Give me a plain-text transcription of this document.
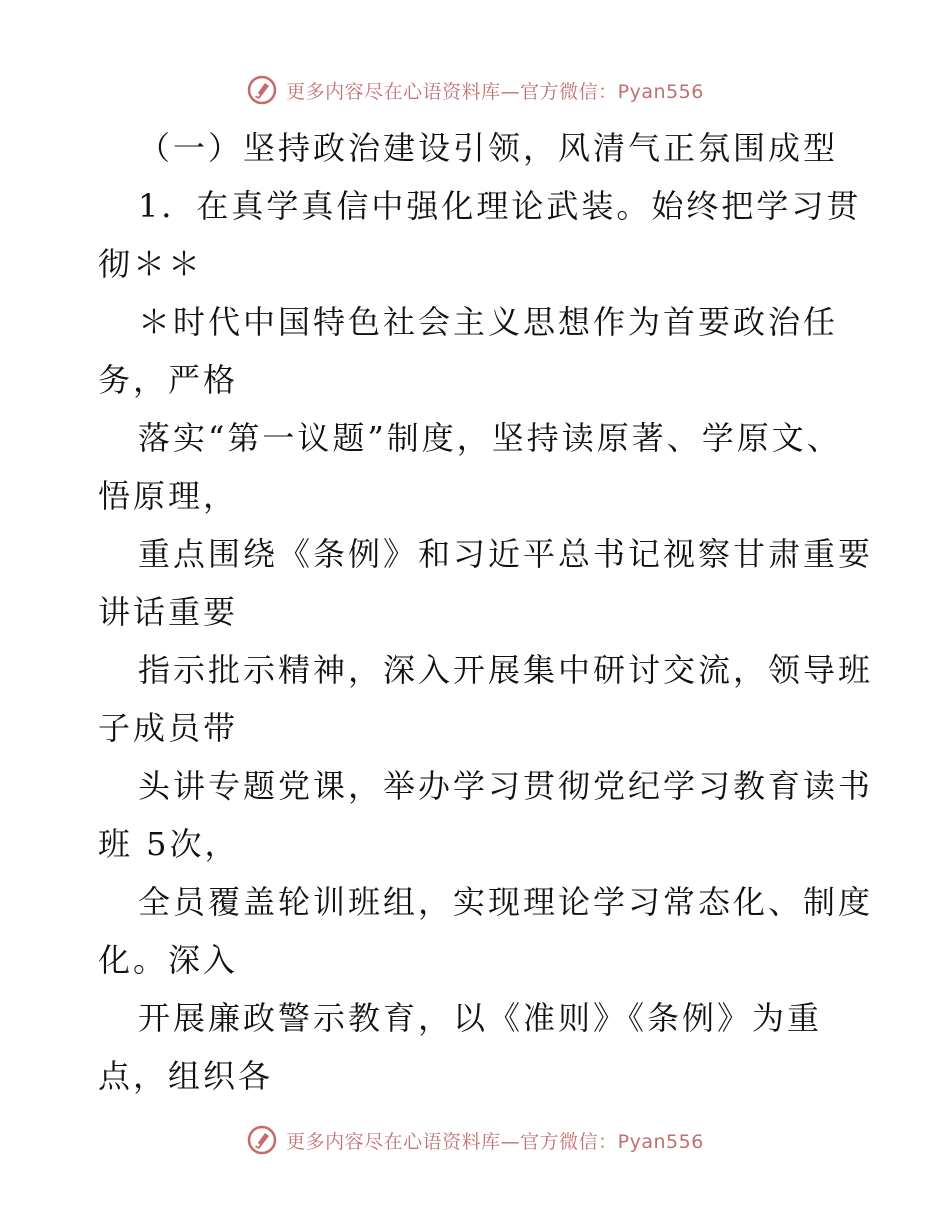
更多内容尽在心语资料库—官方微信：Pyan556
（一）坚持政治建设引领，风清气正氛围成型
1．在真学真信中强化理论武装。始终把学习贯
彻＊＊
＊时代中国特色社会主义思想作为首要政治任
务，严格
落实“第一议题”制度，坚持读原著、学原文、
悟原理，
重点围绕《条例》和习近平总书记视察甘肃重要
讲话重要
指示批示精神，深入开展集中研讨交流，领导班
子成员带
头讲专题党课，举办学习贯彻党纪学习教育读书
班 5次，
全员覆盖轮训班组，实现理论学习常态化、制度
化。深入
开展廉政警示教育，以《准则》《条例》为重
点，组织各
更多内容尽在心语资料库—官方微信：Pyan556
